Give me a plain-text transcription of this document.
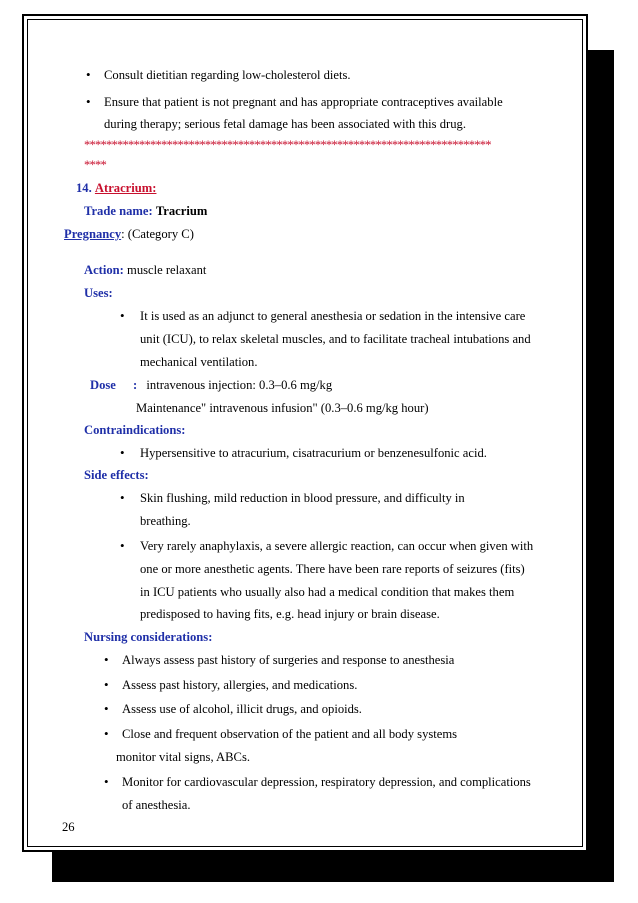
• Consult dietitian regarding low-cholesterol diets.
• Ensure that patient is not pregnant and has appropriate contraceptives available
during therapy; serious fetal damage has been associated with this drug.
**************************************************************************
****
14. Atracrium:
Trade name: Tracrium
Pregnancy: (Category C)
Action: muscle relaxant
Uses:
• It is used as an adjunct to general anesthesia or sedation in the intensive care
unit (ICU), to relax skeletal muscles, and to facilitate tracheal intubations and
mechanical ventilation.
Dose : intravenous injection: 0.3–0.6 mg/kg
Maintenance" intravenous infusion" (0.3–0.6 mg/kg hour)
Contraindications:
• Hypersensitive to atracurium, cisatracurium or benzenesulfonic acid.
Side effects:
• Skin flushing, mild reduction in blood pressure, and difficulty in
breathing.
• Very rarely anaphylaxis, a severe allergic reaction, can occur when given with
one or more anesthetic agents. There have been rare reports of seizures (fits)
in ICU patients who usually also had a medical condition that makes them
predisposed to having fits, e.g. head injury or brain disease.
Nursing considerations:
• Always assess past history of surgeries and response to anesthesia
• Assess past history, allergies, and medications.
• Assess use of alcohol, illicit drugs, and opioids.
• Close and frequent observation of the patient and all body systems
monitor vital signs, ABCs.
• Monitor for cardiovascular depression, respiratory depression, and complications
of anesthesia.
26
